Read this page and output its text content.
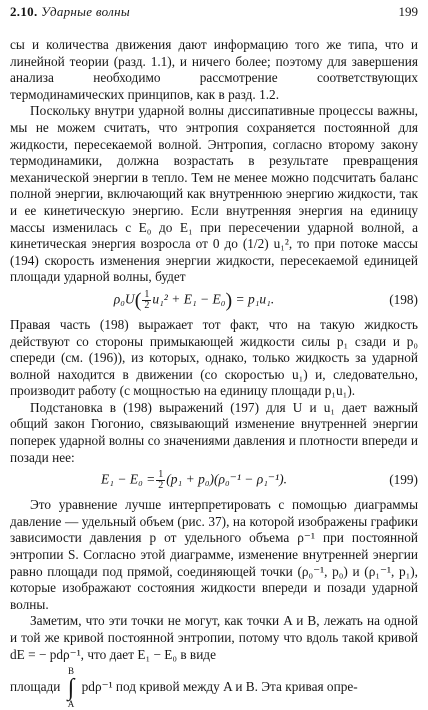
2.10. Ударные волны	199

сы и количества движения дают информацию того же типа, что и линейной теории (разд. 1.1), и ничего более; поэтому для завершения анализа необходимо рассмотрение соответствующих термодинамических принципов, как в разд. 1.2.

Поскольку внутри ударной волны диссипативные процессы важны, мы не можем считать, что энтропия сохраняется постоянной для жидкости, пересекаемой волной. Энтропия, согласно второму закону термодинамики, должна возрастать в результате превращения механической энергии в тепло. Тем не менее можно подсчитать баланс полной энергии, включающий как внутреннюю энергию жидкости, так и ее кинетическую энергию. Если внутренняя энергия на единицу массы изменилась с E₀ до E₁ при пересечении ударной волной, а кинетическая энергия возросла от 0 до (1/2) u₁², то при потоке массы (194) скорость изменения энергии жидкости, пересекаемой единицей площади ударной волны, будет

$\rho_0U( \frac{1}{2} u_1^2 + E_1 - E_0) = p_1u_1$.	(198)

Правая часть (198) выражает тот факт, что на такую жидкость действуют со стороны примыкающей жидкости силы p₁ сзади и p₀ спереди (см. (196)), из которых, однако, только жидкость за ударной волной находится в движении (со скоростью u₁) и, следовательно, производит работу (с мощностью на единицу площади p₁u₁).

Подстановка в (198) выражений (197) для U и u₁ дает важный общий закон Гюгонио, связывающий изменение внутренней энергии поперек ударной волны со значениями давления и плотности впереди и позади нее:

$E_1 - E_0 = \frac{1}{2} (p_1 + p_0)(\rho_0^{-1} - \rho_1^{-1})$.	(199)

Это уравнение лучше интерпретировать с помощью диаграммы давление — удельный объем (рис. 37), на которой изображены графики зависимости давления p от удельного объема ρ⁻¹ при постоянной энтропии S. Согласно этой диаграмме, изменение внутренней энергии равно площади под прямой, соединяющей точки (ρ₀⁻¹, p₀) и (ρ₁⁻¹, p₁), которые изображают состояния жидкости впереди и позади ударной волны.

Заметим, что эти точки не могут, как точки A и B, лежать на одной и той же кривой постоянной энтропии, потому что вдоль такой кривой dE = − pdρ⁻¹, что дает E₁ − E₀ в виде

площади
B
∫
A
pdρ⁻¹ под кривой между A и B. Эта кривая опре-
